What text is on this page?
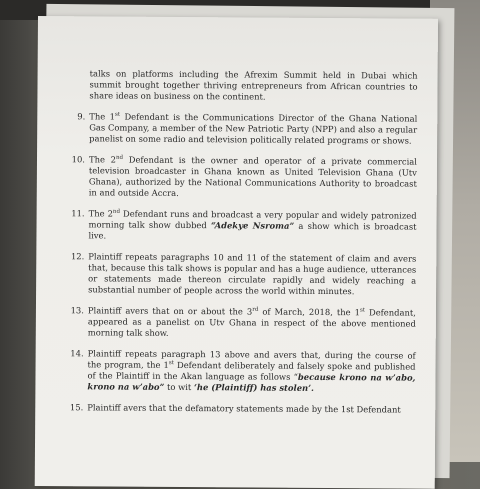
talks on platforms including the Afrexim Summit held in Dubai which summit brought together thriving entrepreneurs from African countries to share ideas on business on the continent.
9. The 1st Defendant is the Communications Director of the Ghana National Gas Company, a member of the New Patriotic Party (NPP) and also a regular panelist on some radio and television politically related programs or shows.
10. The 2nd Defendant is the owner and operator of a private commercial television broadcaster in Ghana known as United Television Ghana (Utv Ghana), authorized by the National Communications Authority to broadcast in and outside Accra.
11. The 2nd Defendant runs and broadcast a very popular and widely patronized morning talk show dubbed “Adekye Nsroma” a show which is broadcast live.
12. Plaintiff repeats paragraphs 10 and 11 of the statement of claim and avers that, because this talk shows is popular and has a huge audience, utterances or statements made thereon circulate rapidly and widely reaching a substantial number of people across the world within minutes.
13. Plaintiff avers that on or about the 3rd of March, 2018, the 1st Defendant, appeared as a panelist on Utv Ghana in respect of the above mentioned morning talk show.
14. Plaintiff repeats paragraph 13 above and avers that, during the course of the program, the 1st Defendant deliberately and falsely spoke and published of the Plaintiff in the Akan language as follows “because krono na w’abo, krono na w’abo” to wit ‘he (Plaintiff) has stolen’.
15. Plaintiff avers that the defamatory statements made by the 1st Defendant
